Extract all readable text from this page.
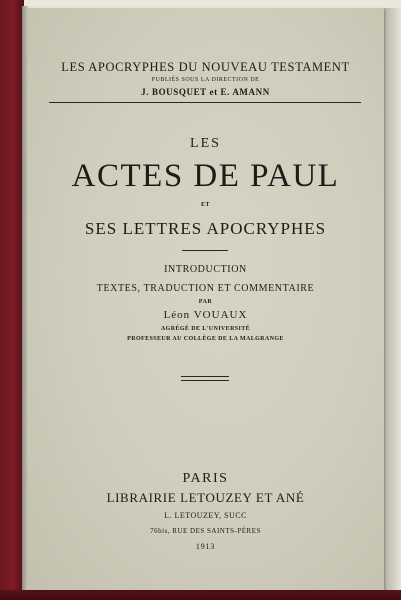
LES APOCRYPHES DU NOUVEAU TESTAMENT
PUBLIÉS SOUS LA DIRECTION DE
J. BOUSQUET et E. AMANN
LES
ACTES DE PAUL
ET
SES LETTRES APOCRYPHES
INTRODUCTION
TEXTES, TRADUCTION ET COMMENTAIRE
PAR
Léon VOUAUX
AGRÉGÉ DE L'UNIVERSITÉ
PROFESSEUR AU COLLÈGE DE LA MALGRANGE
PARIS
LIBRAIRIE LETOUZEY ET ANÉ
L. LETOUZEY, SUCC
76bis, RUE DES SAINTS-PÈRES
1913
